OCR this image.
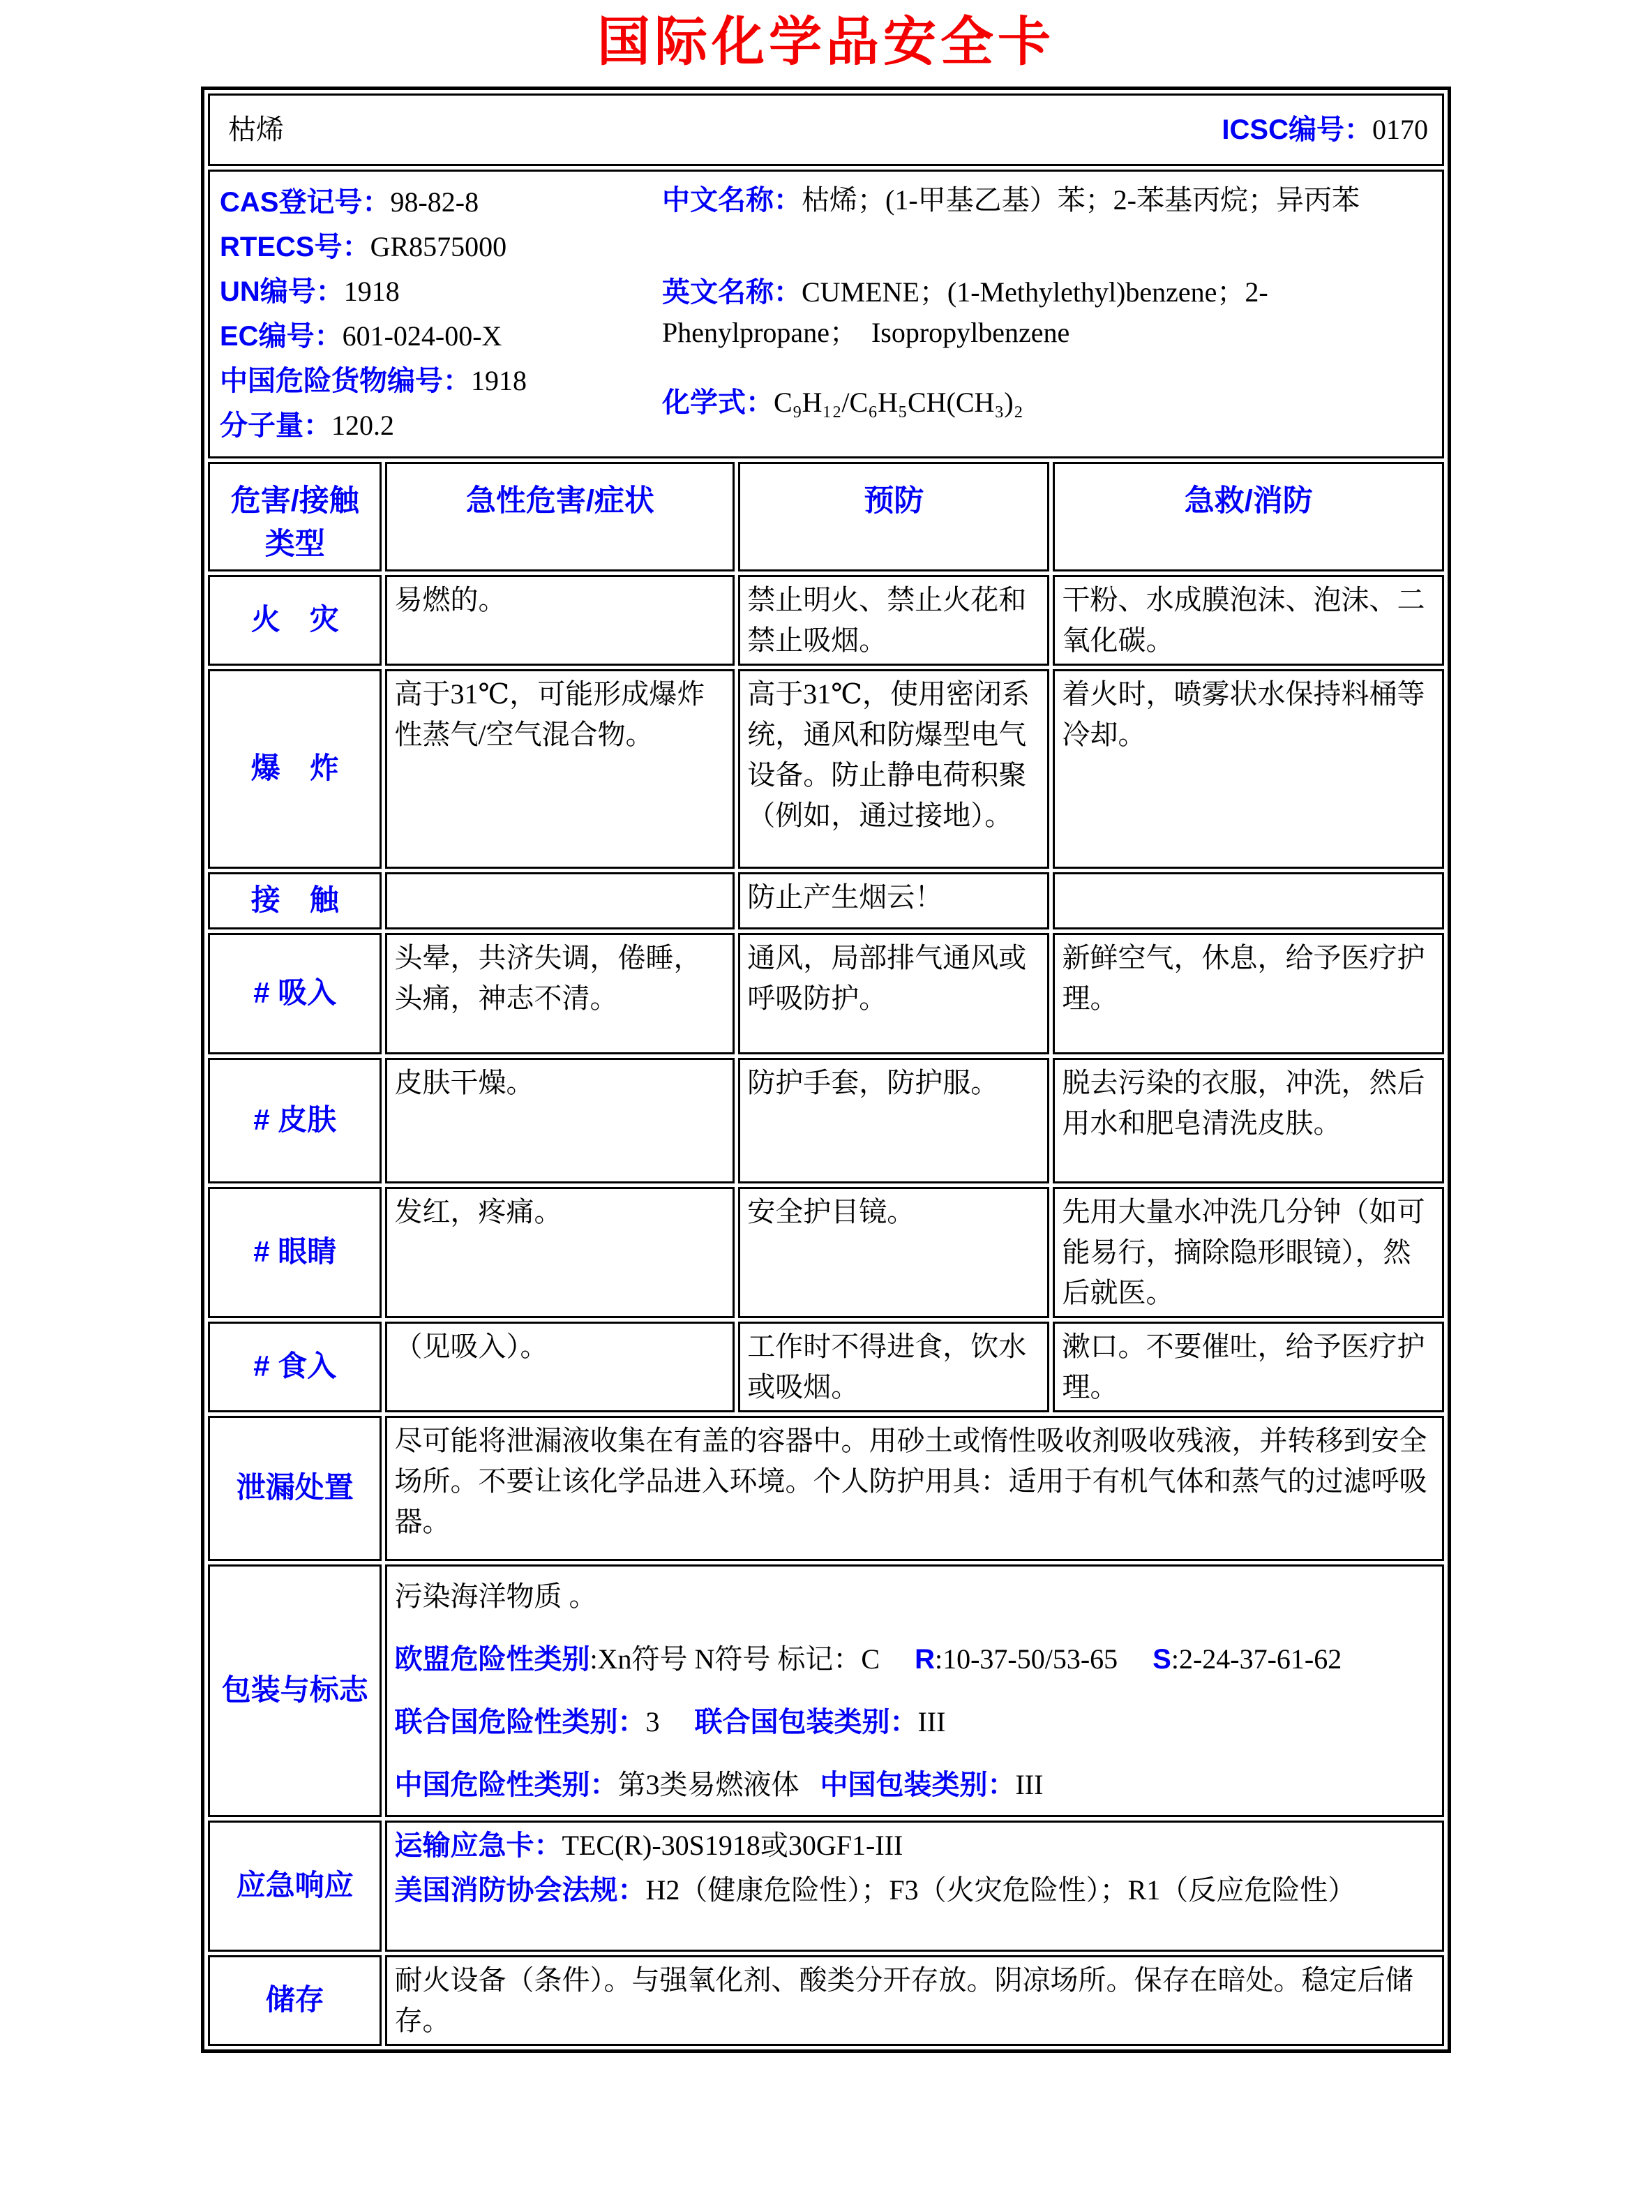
国际化学品安全卡
枯烯 ICSC编号：0170			

CAS登记号：98-82-8
RTECS号：GR8575000
UN编号：1918
EC编号：601-024-00-X
中国危险货物编号：1918
分子量：120.2

中文名称：枯烯；(1-甲基乙基）苯；2-苯基丙烷；异丙苯

英文名称：CUMENE；(1-Methylethyl)benzene；2-Phenylpropane；  Isopropylbenzene

化学式：C₉H₁₂/C₆H₅CH(CH₃)₂

危害/接触类型	急性危害/症状	预防	急救/消防
火　灾	易燃的。	禁止明火、禁止火花和禁止吸烟。	干粉、水成膜泡沫、泡沫、二氧化碳。
爆　炸	高于31℃，可能形成爆炸性蒸气/空气混合物。	高于31℃，使用密闭系统，通风和防爆型电气设备。防止静电荷积聚（例如，通过接地）。	着火时，喷雾状水保持料桶等冷却。
接　触		防止产生烟云！	
# 吸入	头晕，共济失调，倦睡，头痛，神志不清。	通风，局部排气通风或呼吸防护。	新鲜空气，休息，给予医疗护理。
# 皮肤	皮肤干燥。	防护手套，防护服。	脱去污染的衣服，冲洗，然后用水和肥皂清洗皮肤。
# 眼睛	发红，疼痛。	安全护目镜。	先用大量水冲洗几分钟（如可能易行，摘除隐形眼镜），然后就医。
# 食入	（见吸入）。	工作时不得进食，饮水或吸烟。	漱口。不要催吐，给予医疗护理。
泄漏处置	尽可能将泄漏液收集在有盖的容器中。用砂土或惰性吸收剂吸收残液，并转移到安全场所。不要让该化学品进入环境。个人防护用具：适用于有机气体和蒸气的过滤呼吸器。		

包装与标志	污染海洋物质 。
欧盟危险性类别:Xn符号 N符号 标记：C     R:10-37-50/53-65     S:2-24-37-61-62
联合国危险性类别：3     联合国包装类别：III
中国危险性类别：第3类易燃液体   中国包装类别：III		

应急响应	运输应急卡：TEC(R)-30S1918或30GF1-III
美国消防协会法规：H2（健康危险性）；F3（火灾危险性）；R1（反应危险性）		

储存	耐火设备（条件）。与强氧化剂、酸类分开存放。阴凉场所。保存在暗处。稳定后储存。		
